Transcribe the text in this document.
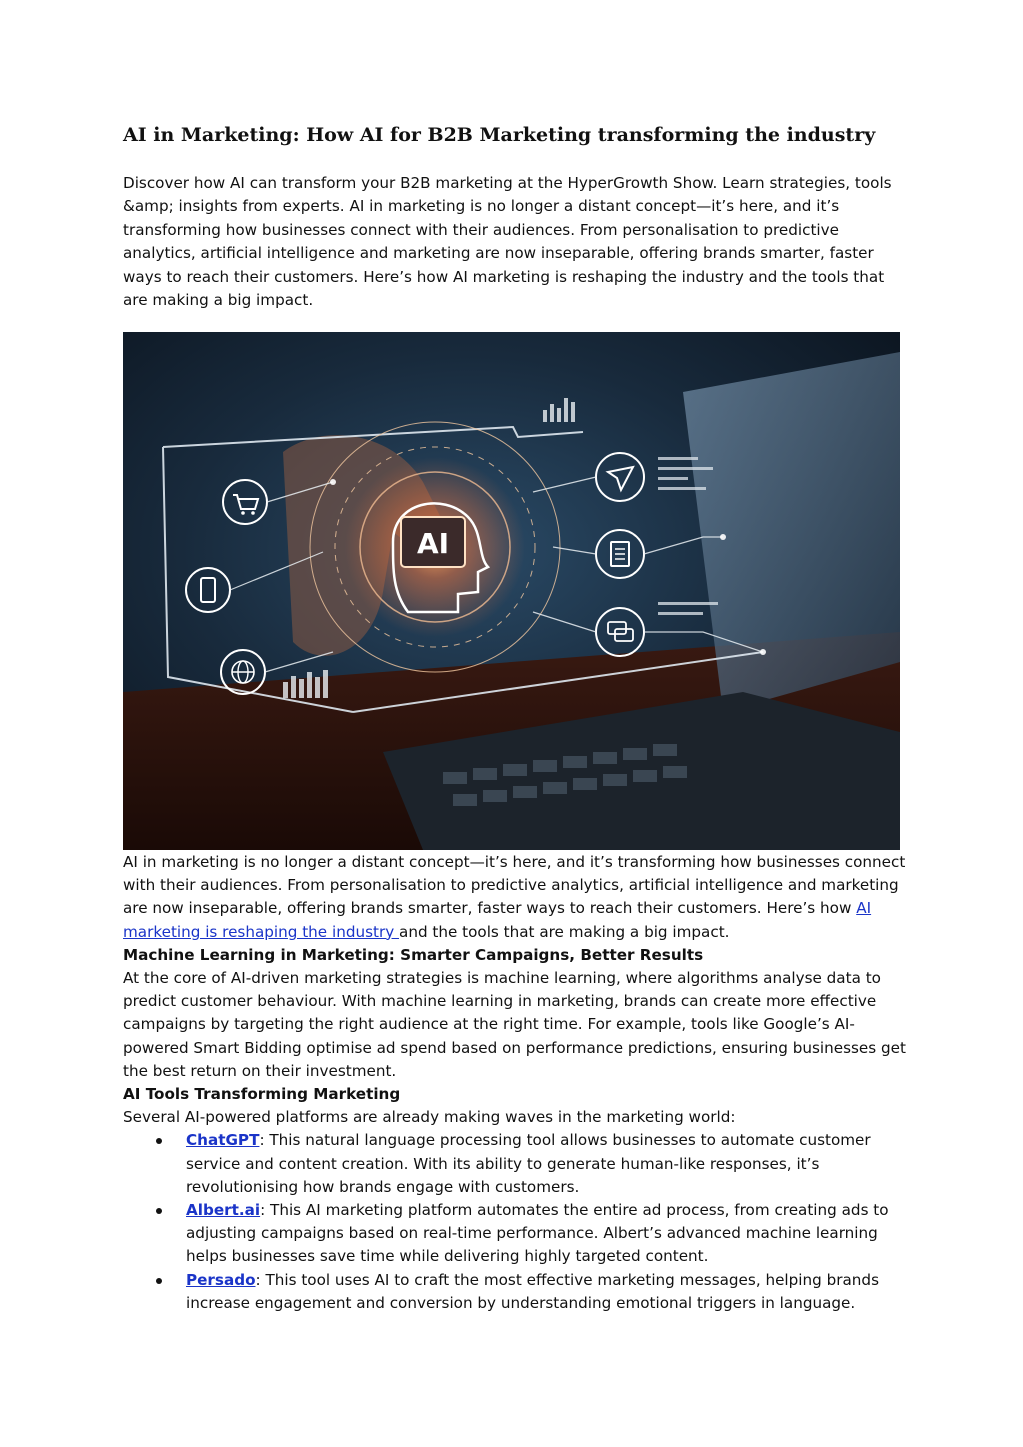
AI in Marketing: How AI for B2B Marketing transforming the industry

Discover how AI can transform your B2B marketing at the HyperGrowth Show. Learn strategies, tools &amp; insights from experts. AI in marketing is no longer a distant concept—it’s here, and it’s transforming how businesses connect with their audiences. From personalisation to predictive analytics, artificial intelligence and marketing are now inseparable, offering brands smarter, faster ways to reach their customers. Here’s how AI marketing is reshaping the industry and the tools that are making a big impact.

AI

AI in marketing is no longer a distant concept—it’s here, and it’s transforming how businesses connect with their audiences. From personalisation to predictive analytics, artificial intelligence and marketing are now inseparable, offering brands smarter, faster ways to reach their customers. Here’s how AI marketing is reshaping the industry and the tools that are making a big impact.

Machine Learning in Marketing: Smarter Campaigns, Better Results

At the core of AI-driven marketing strategies is machine learning, where algorithms analyse data to predict customer behaviour. With machine learning in marketing, brands can create more effective campaigns by targeting the right audience at the right time. For example, tools like Google’s AI-powered Smart Bidding optimise ad spend based on performance predictions, ensuring businesses get the best return on their investment.

AI Tools Transforming Marketing

Several AI-powered platforms are already making waves in the marketing world:

ChatGPT: This natural language processing tool allows businesses to automate customer service and content creation. With its ability to generate human-like responses, it’s revolutionising how brands engage with customers.
Albert.ai: This AI marketing platform automates the entire ad process, from creating ads to adjusting campaigns based on real-time performance. Albert’s advanced machine learning helps businesses save time while delivering highly targeted content.
Persado: This tool uses AI to craft the most effective marketing messages, helping brands increase engagement and conversion by understanding emotional triggers in language.
